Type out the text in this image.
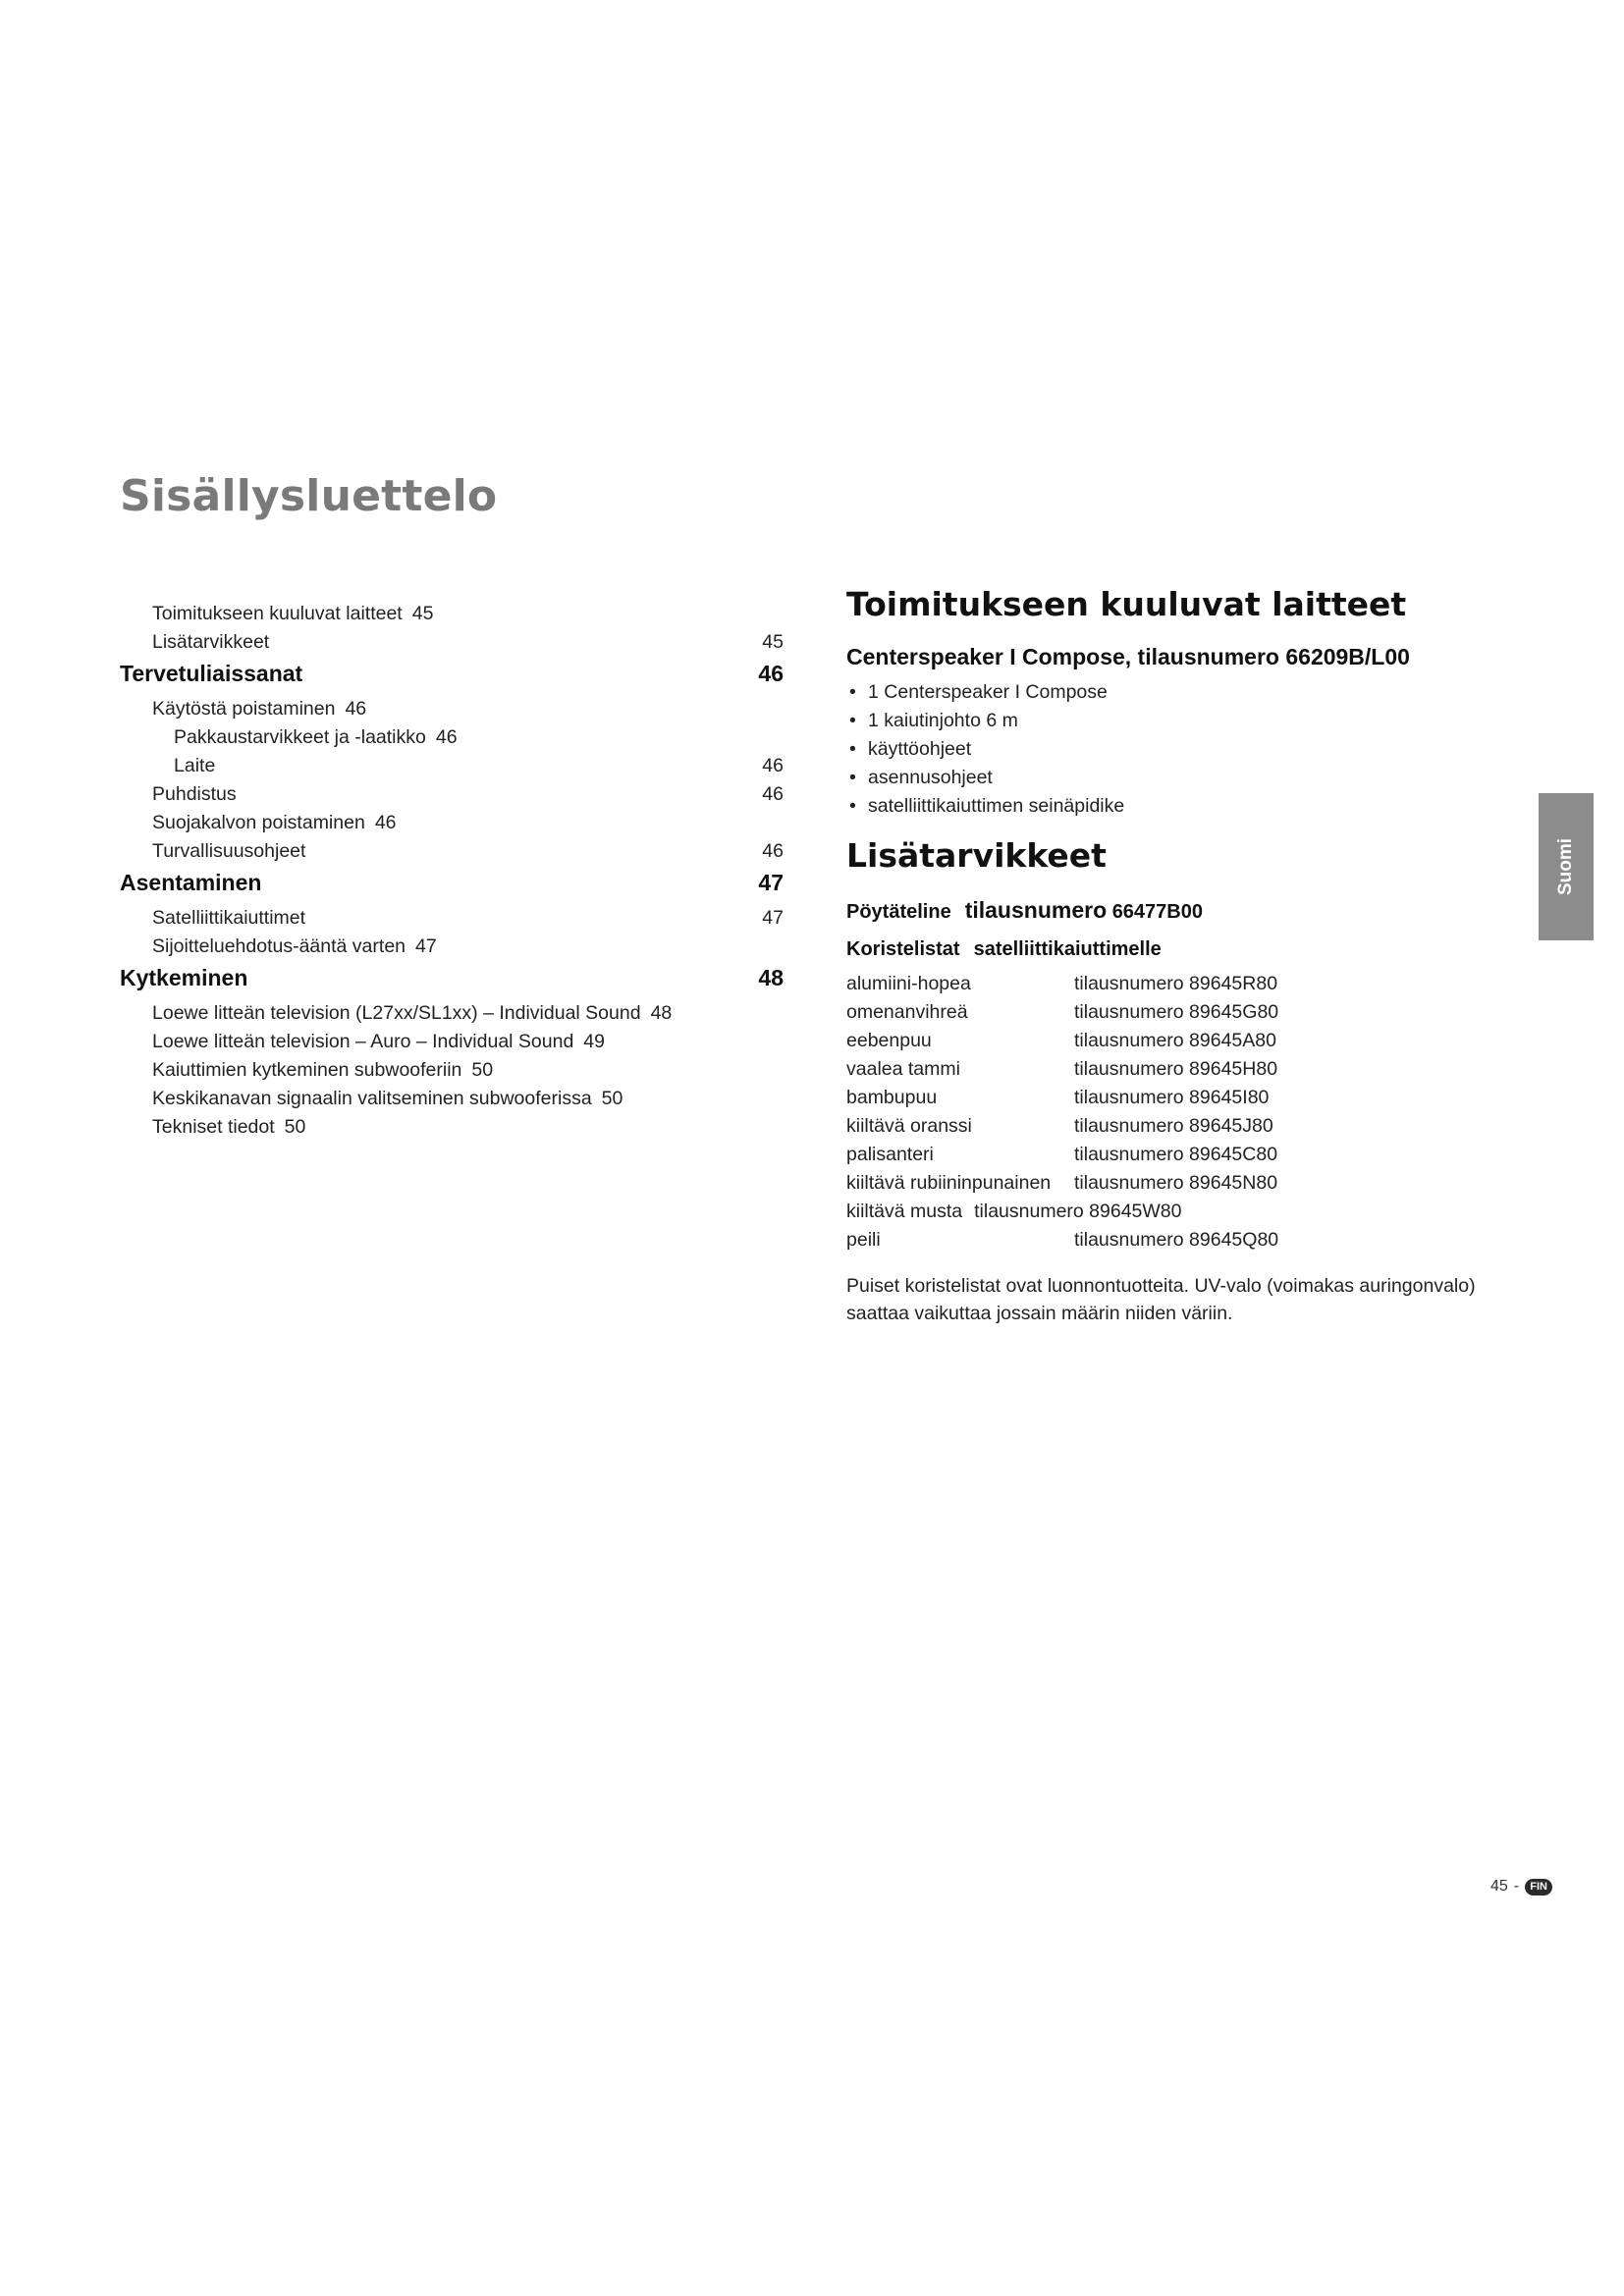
Sisällysluettelo
Toimitukseen kuuluvat laitteet 45
Lisätarvikkeet	45
Tervetuliaissanat	46
Käytöstä poistaminen 46
Pakkaustarvikkeet ja -laatikko 46
Laite	46
Puhdistus	46
Suojakalvon poistaminen 46
Turvallisuusohjeet	46
Asentaminen	47
Satelliittikaiuttimet	47
Sijoitteluehdotus-ääntä varten 47
Kytkeminen	48
Loewe litteän television (L27xx/SL1xx) – Individual Sound 48
Loewe litteän television – Auro – Individual Sound 49
Kaiuttimien kytkeminen subwooferiin 50
Keskikanavan signaalin valitseminen subwooferissa 50
Tekniset tiedot 50
Toimitukseen kuuluvat laitteet
Centerspeaker I Compose, tilausnumero 66209B/L00
• 1 Centerspeaker I Compose
• 1 kaiutinjohto 6 m
• käyttöohjeet
• asennusohjeet
• satelliittikaiuttimen seinäpidike
Lisätarvikkeet
Pöytäteline tilausnumero 66477B00
Koristelistat satelliittikaiuttimelle
alumiini-hopea	tilausnumero 89645R80
omenanvihreä	tilausnumero 89645G80
eebenpuu	tilausnumero 89645A80
vaalea tammi	tilausnumero 89645H80
bambupuu	tilausnumero 89645I80
kiiltävä oranssi	tilausnumero 89645J80
palisanteri	tilausnumero 89645C80
kiiltävä rubiininpunainen	tilausnumero 89645N80
kiiltävä musta tilausnumero 89645W80
peili	tilausnumero 89645Q80
Puiset koristelistat ovat luonnontuotteita. UV-valo (voimakas auringonvalo) saattaa vaikuttaa jossain määrin niiden väriin.
Suomi
45 -	FIN
